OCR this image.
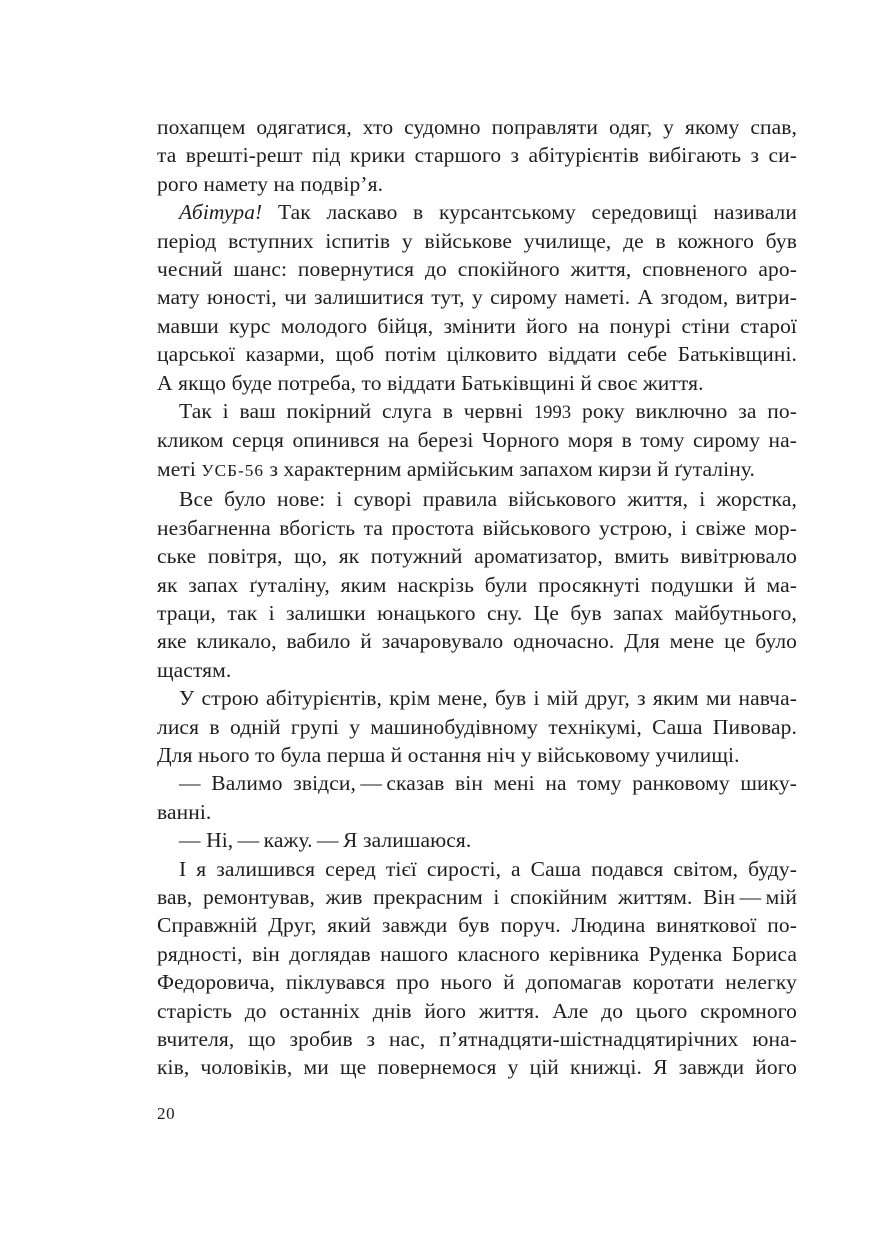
похапцем одягатися, хто судомно поправляти одяг, у якому спав,
та врешті-решт під крики старшого з абітурієнтів вибігають з си-
рого намету на подвір’я.
Абітура! Так ласкаво в курсантському середовищі називали
період вступних іспитів у військове училище, де в кожного був
чесний шанс: повернутися до спокійного життя, сповненого аро-
мату юності, чи залишитися тут, у сирому наметі. А згодом, витри-
мавши курс молодого бійця, змінити його на понурі стіни старої
царської казарми, щоб потім цілковито віддати себе Батьківщині.
А якщо буде потреба, то віддати Батьківщині й своє життя.
Так і ваш покірний слуга в червні 1993 року виключно за по-
кликом серця опинився на березі Чорного моря в тому сирому на-
меті УСБ-56 з характерним армійським запахом кирзи й ґуталіну.
Все було нове: і суворі правила військового життя, і жорстка,
незбагненна вбогість та простота військового устрою, і свіже мор-
ське повітря, що, як потужний ароматизатор, вмить вивітрювало
як запах ґуталіну, яким наскрізь були просякнуті подушки й ма-
траци, так і залишки юнацького сну. Це був запах майбутнього,
яке кликало, вабило й зачаровувало одночасно. Для мене це було
щастям.
У строю абітурієнтів, крім мене, був і мій друг, з яким ми навча-
лися в одній групі у машинобудівному технікумі, Саша Пивовар.
Для нього то була перша й остання ніч у військовому училищі.
— Валимо звідси, — сказав він мені на тому ранковому шику-
ванні.
— Ні, — кажу. — Я залишаюся.
І я залишився серед тієї сирості, а Саша подався світом, буду-
вав, ремонтував, жив прекрасним і спокійним життям. Він — мій
Справжній Друг, який завжди був поруч. Людина виняткової по-
рядності, він доглядав нашого класного керівника Руденка Бориса
Федоровича, піклувався про нього й допомагав коротати нелегку
старість до останніх днів його життя. Але до цього скромного
вчителя, що зробив з нас, п’ятнадцяти-шістнадцятирічних юна-
ків, чоловіків, ми ще повернемося у цій книжці. Я завжди його
20
